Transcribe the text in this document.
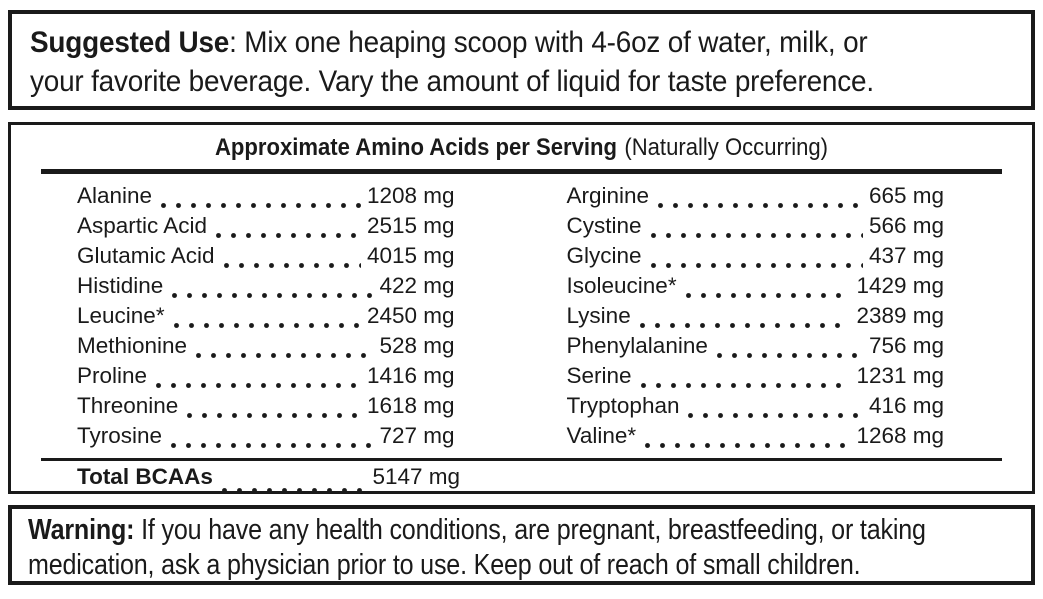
Suggested Use: Mix one heaping scoop with 4-6oz of water, milk, or
your favorite beverage. Vary the amount of liquid for taste preference.
Approximate Amino Acids per Serving (Naturally Occurring)
Alanine	1208 mg
Aspartic Acid	2515 mg
Glutamic Acid	4015 mg
Histidine	422 mg
Leucine*	2450 mg
Methionine	528 mg
Proline	1416 mg
Threonine	1618 mg
Tyrosine	727 mg
Arginine	665 mg
Cystine	566 mg
Glycine	437 mg
Isoleucine*	1429 mg
Lysine	2389 mg
Phenylalanine	756 mg
Serine	1231 mg
Tryptophan	416 mg
Valine*	1268 mg
Total BCAAs	5147 mg
Warning: If you have any health conditions, are pregnant, breastfeeding, or taking
medication, ask a physician prior to use. Keep out of reach of small children.
